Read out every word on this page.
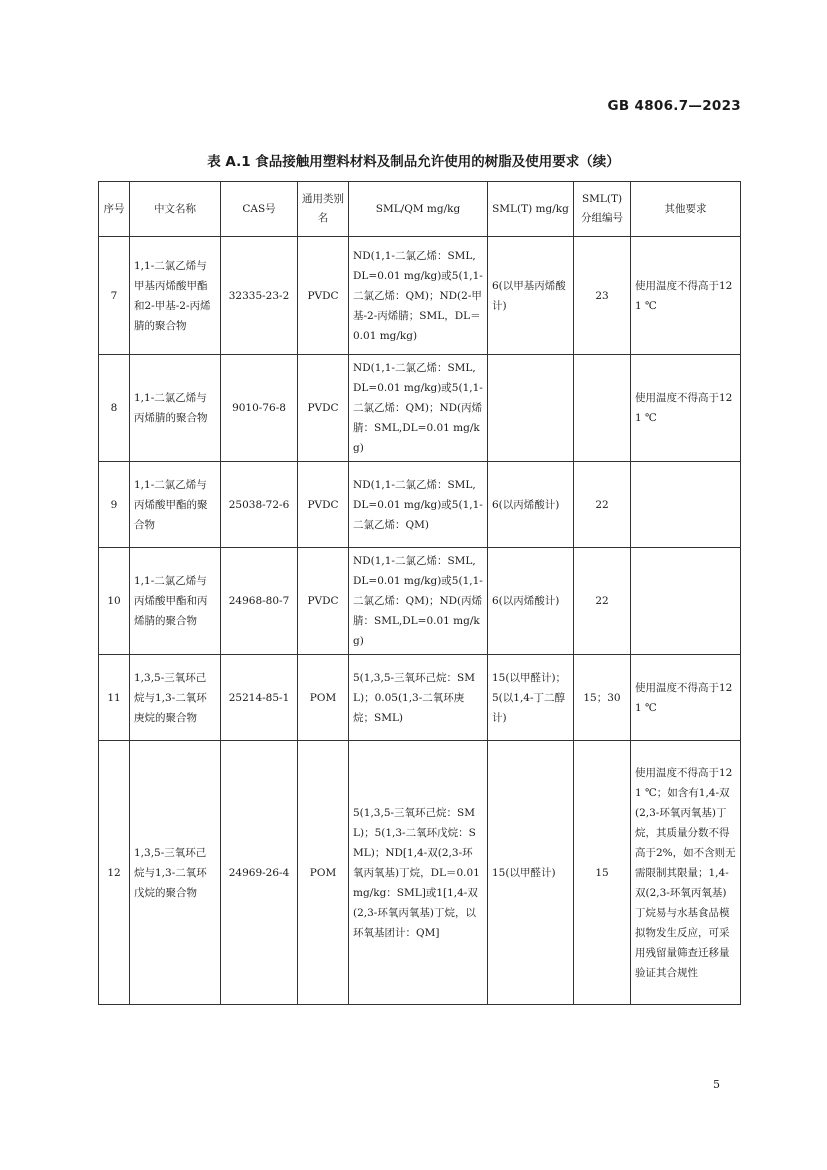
GB 4806.7—2023
表 A.1 食品接触用塑料材料及制品允许使用的树脂及使用要求（续）
序号	中文名称	CAS号	通用类别名	SML/QM mg/kg	SML(T) mg/kg	SML(T)分组编号	其他要求
7	1,1-二氯乙烯与甲基丙烯酸甲酯和2-甲基-2-丙烯腈的聚合物	32335-23-2	PVDC	ND(1,1-二氯乙烯：SML,DL=0.01 mg/kg)或5(1,1-二氯乙烯：QM)；ND(2-甲基-2-丙烯腈；SML，DL＝0.01 mg/kg)	6(以甲基丙烯酸计)	23	使用温度不得高于121 ℃
8	1,1-二氯乙烯与丙烯腈的聚合物	9010-76-8	PVDC	ND(1,1-二氯乙烯：SML,DL=0.01 mg/kg)或5(1,1-二氯乙烯：QM)；ND(丙烯腈：SML,DL=0.01 mg/kg)			使用温度不得高于121 ℃
9	1,1-二氯乙烯与丙烯酸甲酯的聚合物	25038-72-6	PVDC	ND(1,1-二氯乙烯：SML,DL=0.01 mg/kg)或5(1,1-二氯乙烯：QM)	6(以丙烯酸计)	22	
10	1,1-二氯乙烯与丙烯酸甲酯和丙烯腈的聚合物	24968-80-7	PVDC	ND(1,1-二氯乙烯：SML,DL=0.01 mg/kg)或5(1,1-二氯乙烯：QM)；ND(丙烯腈：SML,DL=0.01 mg/kg)	6(以丙烯酸计)	22	
11	1,3,5-三氧环己烷与1,3-二氧环庚烷的聚合物	25214-85-1	POM	5(1,3,5-三氧环己烷：SML)；0.05(1,3-二氧环庚烷；SML)	15(以甲醛计)；5(以1,4-丁二醇计)	15；30	使用温度不得高于121 ℃
12	1,3,5-三氧环己烷与1,3-二氧环戊烷的聚合物	24969-26-4	POM	5(1,3,5-三氧环己烷：SML)；5(1,3-二氧环戊烷：SML)；ND[1,4-双(2,3-环氧丙氧基)丁烷，DL＝0.01 mg/kg：SML]或1[1,4-双(2,3-环氧丙氧基)丁烷，以环氧基团计：QM]	15(以甲醛计)	15	使用温度不得高于121 ℃；如含有1,4-双(2,3-环氧丙氧基)丁烷，其质量分数不得高于2%，如不含则无需限制其限量；1,4-双(2,3-环氧丙氧基)丁烷易与水基食品模拟物发生反应，可采用残留量筛查迁移量验证其合规性
5
